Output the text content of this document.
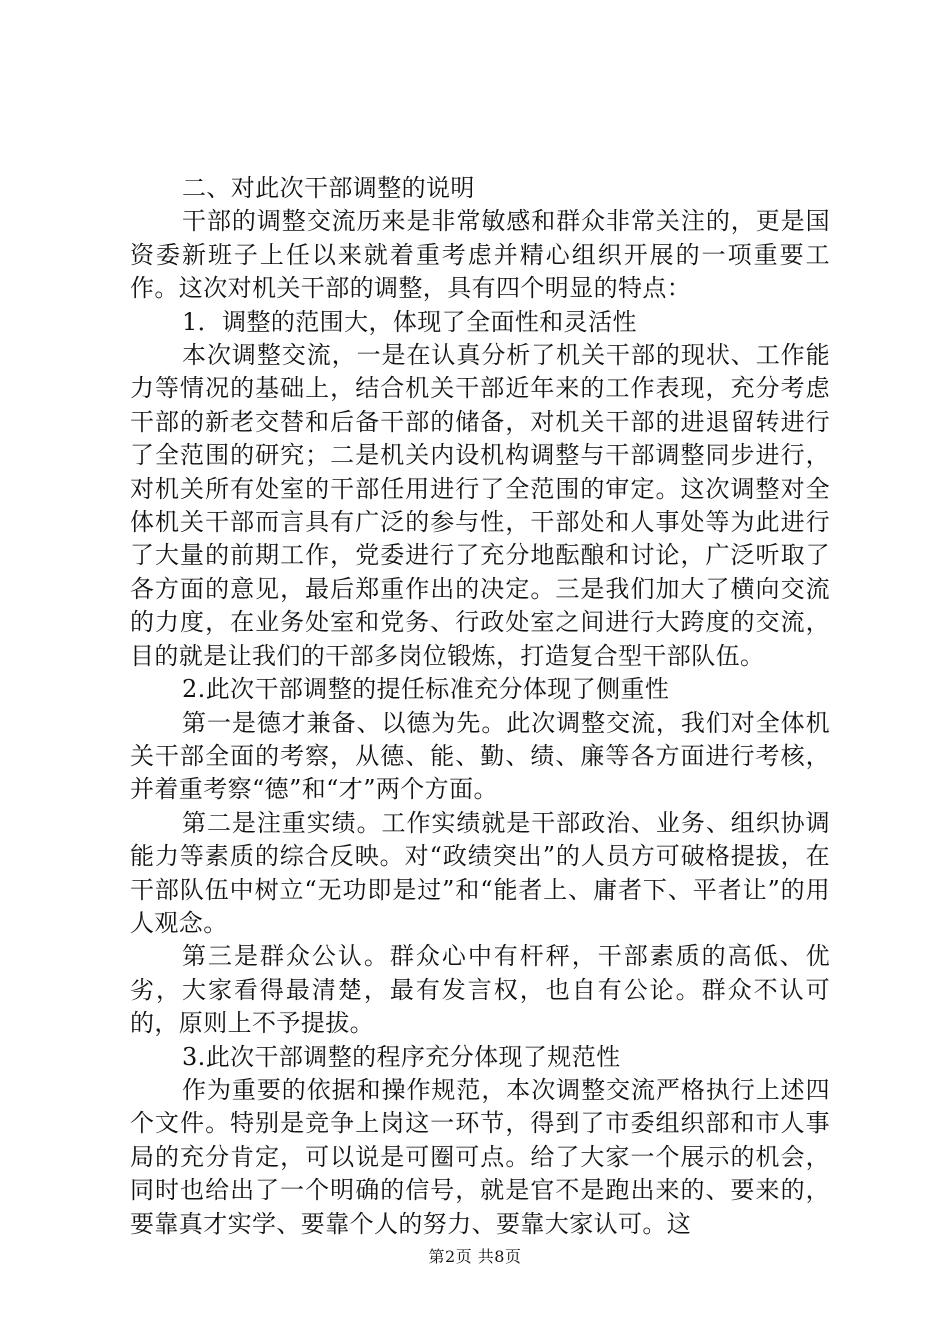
二、对此次干部调整的说明

干部的调整交流历来是非常敏感和群众非常关注的，更是国资委新班子上任以来就着重考虑并精心组织开展的一项重要工作。这次对机关干部的调整，具有四个明显的特点：

1．调整的范围大，体现了全面性和灵活性

本次调整交流，一是在认真分析了机关干部的现状、工作能力等情况的基础上，结合机关干部近年来的工作表现，充分考虑干部的新老交替和后备干部的储备，对机关干部的进退留转进行了全范围的研究；二是机关内设机构调整与干部调整同步进行，对机关所有处室的干部任用进行了全范围的审定。这次调整对全体机关干部而言具有广泛的参与性，干部处和人事处等为此进行了大量的前期工作，党委进行了充分地酝酿和讨论，广泛听取了各方面的意见，最后郑重作出的决定。三是我们加大了横向交流的力度，在业务处室和党务、行政处室之间进行大跨度的交流，目的就是让我们的干部多岗位锻炼，打造复合型干部队伍。

2.此次干部调整的提任标准充分体现了侧重性

第一是德才兼备、以德为先。此次调整交流，我们对全体机关干部全面的考察，从德、能、勤、绩、廉等各方面进行考核，并着重考察“德”和“才”两个方面。

第二是注重实绩。工作实绩就是干部政治、业务、组织协调能力等素质的综合反映。对“政绩突出”的人员方可破格提拔，在干部队伍中树立“无功即是过”和“能者上、庸者下、平者让”的用人观念。

第三是群众公认。群众心中有杆秤，干部素质的高低、优劣，大家看得最清楚，最有发言权，也自有公论。群众不认可的，原则上不予提拔。

3.此次干部调整的程序充分体现了规范性

作为重要的依据和操作规范，本次调整交流严格执行上述四个文件。特别是竞争上岗这一环节，得到了市委组织部和市人事局的充分肯定，可以说是可圈可点。给了大家一个展示的机会，同时也给出了一个明确的信号，就是官不是跑出来的、要来的，要靠真才实学、要靠个人的努力、要靠大家认可。这

第2页 共8页
